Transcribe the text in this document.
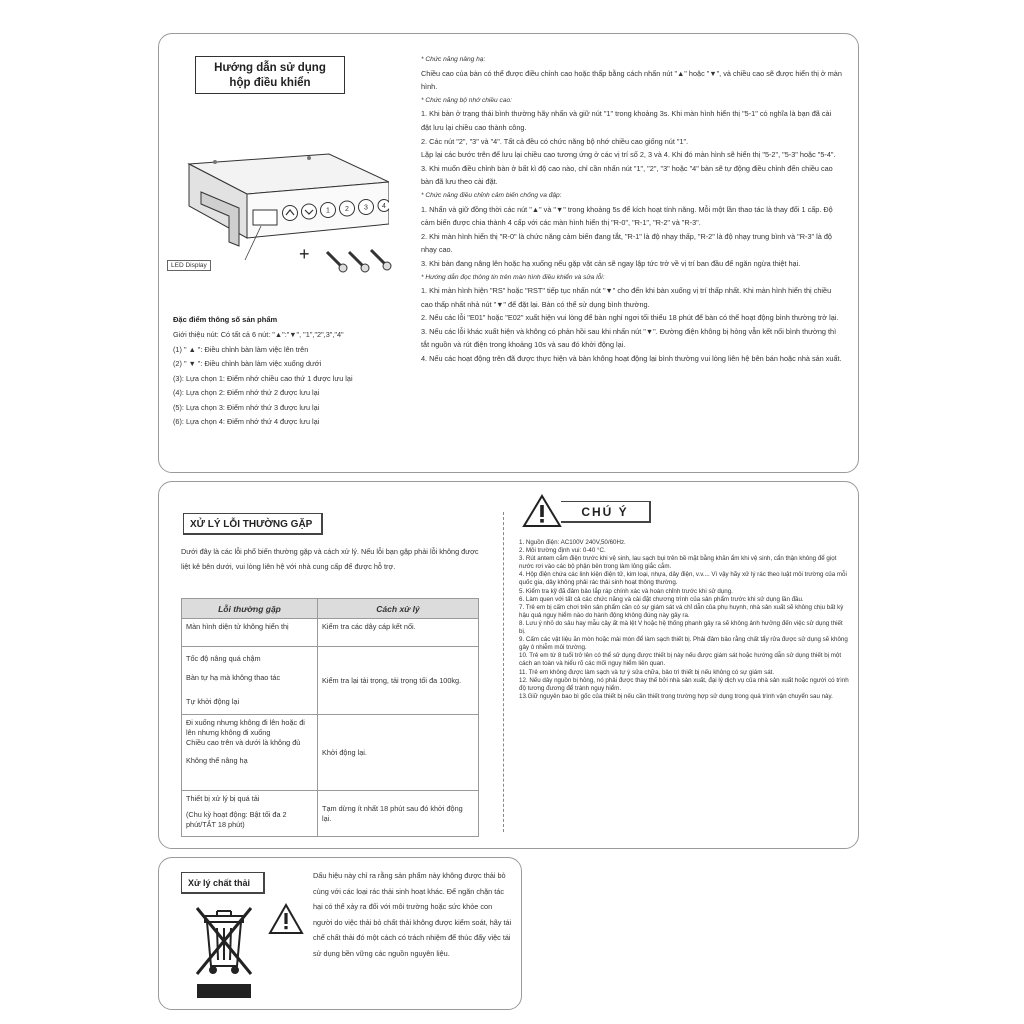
Hướng dẫn sử dụng
hộp điều khiển
1 2 3 4
LED Display
+
Đặc điểm thông số sản phẩm
Giới thiệu nút: Có tất cả 6 nút: "▲":"▼", "1","2",3","4"
(1) " ▲ ": Điều chỉnh bàn làm việc lên trên
(2) " ▼ ": Điều chỉnh bàn làm việc xuống dưới
(3): Lựa chọn 1: Điểm nhớ chiều cao thứ 1 được lưu lại
(4): Lựa chọn 2: Điểm nhớ thứ 2 được lưu lại
(5): Lựa chọn 3: Điểm nhớ thứ 3 được lưu lại
(6): Lựa chọn 4: Điểm nhớ thứ 4 được lưu lại

* Chức năng nâng hạ:

Chiều cao của bàn có thể được điều chỉnh cao hoặc thấp bằng cách nhấn nút "▲" hoặc "▼", và chiều cao sẽ được hiển thị ở màn hình.

* Chức năng bộ nhớ chiều cao:

1. Khi bàn ở trạng thái bình thường hãy nhấn và giữ nút "1" trong khoảng 3s. Khi màn hình hiển thị "5-1" có nghĩa là bạn đã cài đặt lưu lại chiều cao thành công.

2. Các nút "2", "3" và "4". Tất cả đều có chức năng bộ nhớ chiều cao giống nút "1".

Lặp lại các bước trên để lưu lại chiều cao tương ứng ở các vị trí số 2, 3 và 4. Khi đó màn hình sẽ hiển thị "5-2", "5-3" hoặc "5-4".

3. Khi muốn điều chỉnh bàn ở bất kì độ cao nào, chỉ cần nhấn nút "1", "2", "3" hoặc "4" bàn sẽ tự động điều chỉnh đến chiều cao bàn đã lưu theo cài đặt.

* Chức năng điều chỉnh cảm biến chống va đập:

1. Nhấn và giữ đồng thời các nút "▲" và "▼" trong khoảng 5s để kích hoạt tính năng. Mỗi một lần thao tác là thay đổi 1 cấp. Độ cảm biến được chia thành 4 cấp với các màn hình hiển thị "R-0", "R-1", "R-2" và "R-3".

2. Khi màn hình hiển thị "R-0" là chức năng cảm biến đang tắt, "R-1" là độ nhạy thấp, "R-2" là độ nhạy trung bình và "R-3" là độ nhạy cao.

3. Khi bàn đang nâng lên hoặc hạ xuống nếu gặp vật cản sẽ ngay lập tức trở về vị trí ban đầu để ngăn ngừa thiệt hại.

* Hướng dẫn đọc thông tin trên màn hình điều khiển và sửa lỗi:

1. Khi màn hình hiện "RS" hoặc "RST" tiếp tục nhấn nút "▼" cho đến khi bàn xuống vị trí thấp nhất. Khi màn hình hiển thị chiều cao thấp nhất nhả nút "▼" để đặt lại. Bàn có thể sử dụng bình thường.

2. Nếu các lỗi "E01" hoặc "E02" xuất hiện vui lòng để bàn nghỉ ngơi tối thiểu 18 phút để bàn có thể hoạt động bình thường trở lại.

3. Nếu các lỗi khác xuất hiện và không có phản hồi sau khi nhấn nút "▼". Đường điện không bị hỏng vẫn kết nối bình thường thì tắt nguồn và rút điện trong khoảng 10s và sau đó khởi động lại.

4. Nếu các hoạt động trên đã được thực hiện và bàn không hoạt động lại bình thường vui lòng liên hệ bên bán hoặc nhà sản xuất.

XỬ LÝ LỖI THƯỜNG GẶP
Dưới đây là các lỗi phổ biến thường gặp và cách xử lý. Nếu lỗi bạn gặp phải lỗi không được liệt kê bên dưới, vui lòng liên hệ với nhà cung cấp để được hỗ trợ.
Lỗi thường gặp	Cách xử lý

Màn hình diện tử không hiển thị	Kiểm tra các dây cáp kết nối.

Tốc độ nâng quá chậm
Bàn tự hạ mà không thao tác
Tự khởi động lại	Kiểm tra lại tải trọng, tải trọng tối đa 100kg.

Đi xuống nhưng không đi lên hoặc đi lên nhưng không đi xuống
Chiều cao trên và dưới là không đủ
Không thể nâng hạ	Khởi động lại.

Thiết bị xử lý bị quá tải
(Chu kỳ hoạt động: Bật tối đa 2 phút/TẮT 18 phút)	Tạm dừng ít nhất 18 phút sau đó khởi động lại.
CHÚ Ý
1. Nguồn điện: AC100V 240V,50/60Hz.
2. Môi trường định vui: 0-40 °C.
3. Rút antem cắm điện trước khi vệ sinh, lau sạch bụi trên bề mặt bằng khăn ẩm khi vệ sinh, cẩn thận không để giọt nước rơi vào các bộ phận bên trong làm lỏng giắc cắm.
4. Hộp điện chứa các linh kiện điện tử, kim loại, nhựa, dây điện, v.v.... Vì vậy hãy xử lý rác theo luật môi trường của mỗi quốc gia, dây không phải rác thải sinh hoạt thông thường.
5. Kiểm tra kỹ đã đảm bảo lắp ráp chính xác và hoàn chỉnh trước khi sử dụng.
6. Làm quen với tất cả các chức năng và cài đặt chương trình của sản phẩm trước khi sử dụng lần đầu.
7. Trẻ em bị cấm chơi trên sản phẩm cần có sự giám sát và chỉ dẫn của phụ huynh, nhà sản xuất sẽ không chịu bất kỳ hậu quả nguy hiểm nào do hành động không đúng này gây ra.
8. Lưu ý nhỏ do sâu hay mẫu cây ất mà lệt V hoặc hệ thống phanh gây ra sẽ không ảnh hưởng đến việc sử dụng thiết bị.
9. Cấm các vật liệu ăn mòn hoặc mài mòn để làm sạch thiết bị. Phải đảm bảo rằng chất tẩy rửa được sử dụng sẽ không gây ô nhiễm môi trường.
10. Trẻ em từ 8 tuổi trở lên có thể sử dụng được thiết bị này nếu được giám sát hoặc hướng dẫn sử dụng thiết bị một cách an toàn và hiểu rõ các mối nguy hiểm liên quan.
11. Trẻ em không được làm sạch và tự ý sửa chữa, bảo trì thiết bị nếu không có sự giám sát.
12. Nếu dây nguồn bị hỏng, nó phải được thay thế bởi nhà sản xuất, đại lý dịch vụ của nhà sản xuất hoặc người có trình độ tương đương để tránh nguy hiểm.
13.Giữ nguyên bao bì gốc của thiết bị nếu cần thiết trong trường hợp sử dụng trong quá trình vận chuyển sau này.
Xử lý chất thải
Dấu hiệu này chỉ ra rằng sản phẩm này không được thải bỏ cùng với các loại rác thải sinh hoạt khác. Để ngăn chặn tác hại có thể xảy ra đối với môi trường hoặc sức khỏe con người do việc thải bỏ chất thải không được kiểm soát, hãy tái chế chất thải đó một cách có trách nhiệm để thúc đẩy việc tái sử dụng bền vững các nguồn nguyên liệu.
